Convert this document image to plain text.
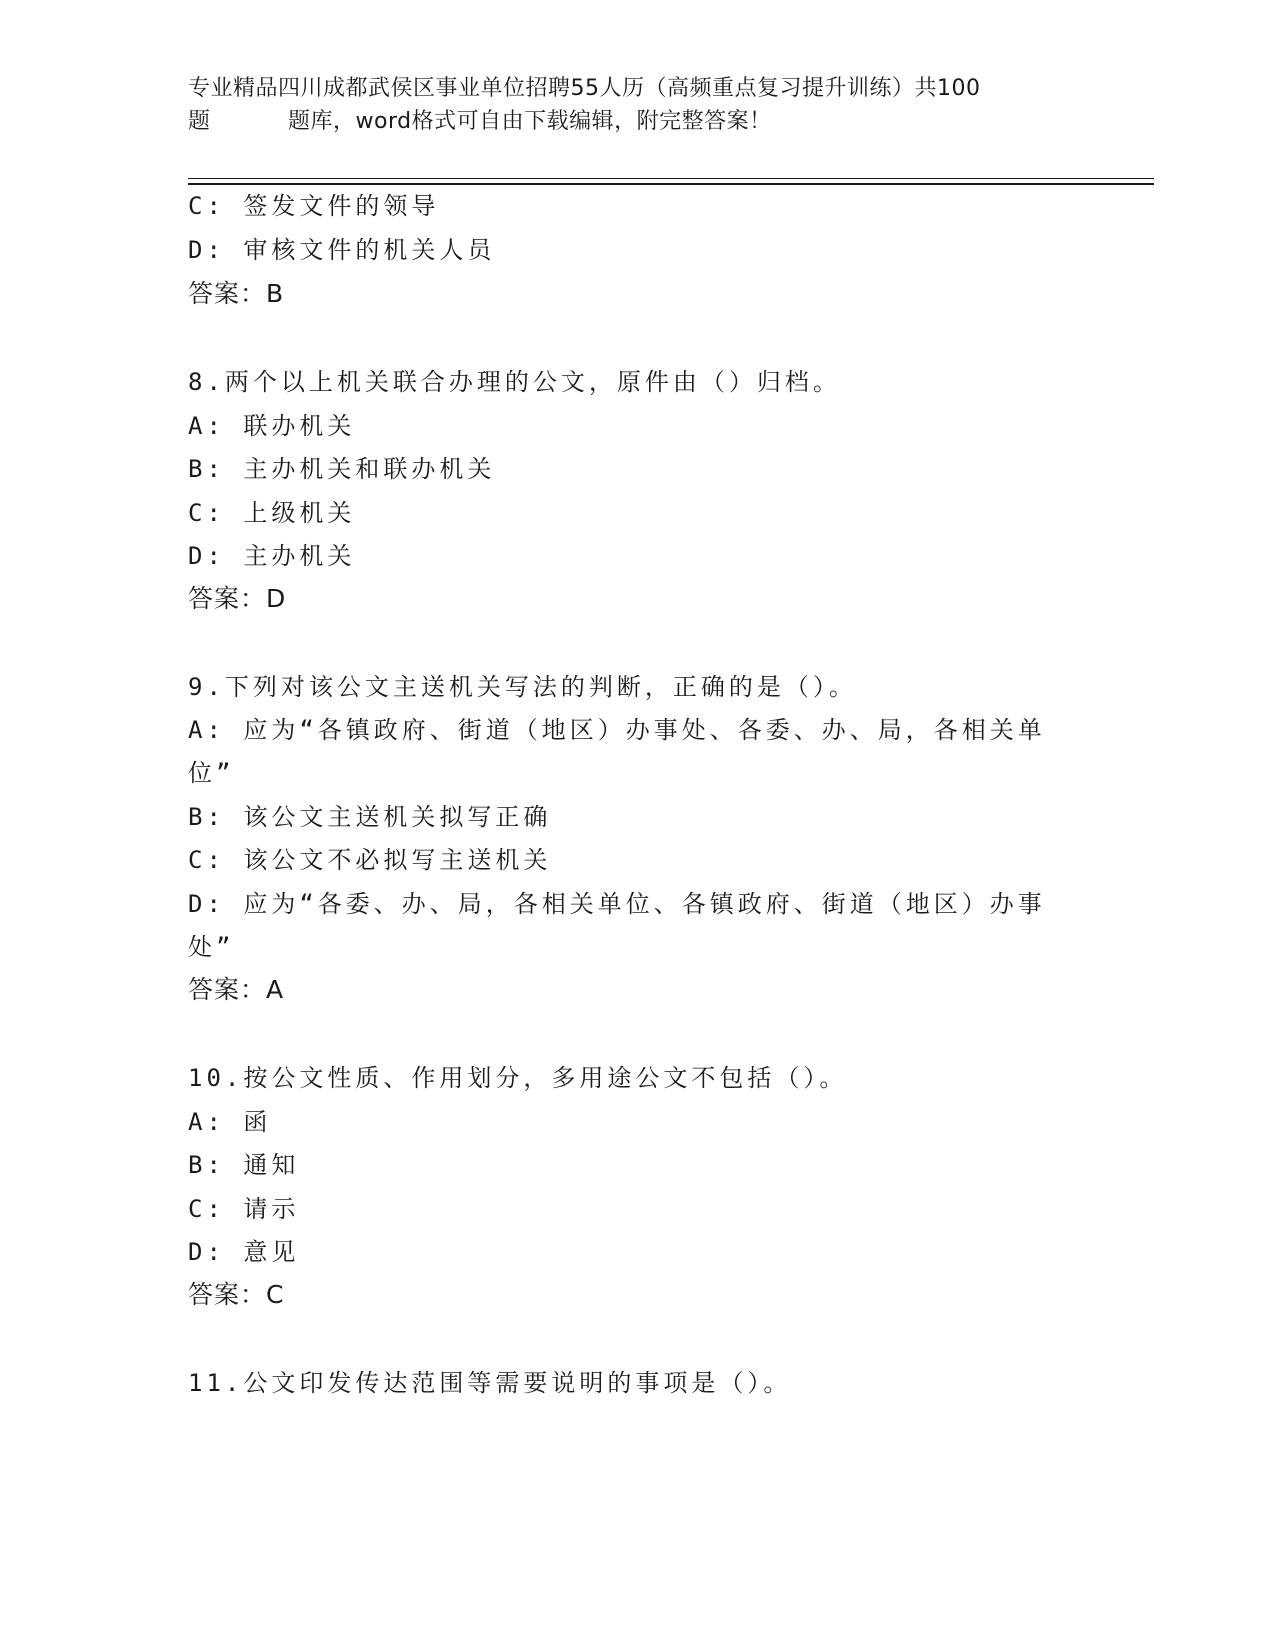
专业精品四川成都武侯区事业单位招聘55人历（高频重点复习提升训练）共100
题	题库，word格式可自由下载编辑，附完整答案！
C: 签发文件的领导
D: 审核文件的机关人员
答案：B
8.两个以上机关联合办理的公文，原件由（）归档。
A: 联办机关
B: 主办机关和联办机关
C: 上级机关
D: 主办机关
答案：D
9.下列对该公文主送机关写法的判断，正确的是（）。
A: 应为“各镇政府、街道（地区）办事处、各委、办、局，各相关单
位”
B: 该公文主送机关拟写正确
C: 该公文不必拟写主送机关
D: 应为“各委、办、局，各相关单位、各镇政府、街道（地区）办事
处”
答案：A
10.按公文性质、作用划分，多用途公文不包括（）。
A: 函
B: 通知
C: 请示
D: 意见
答案：C
11.公文印发传达范围等需要说明的事项是（）。
